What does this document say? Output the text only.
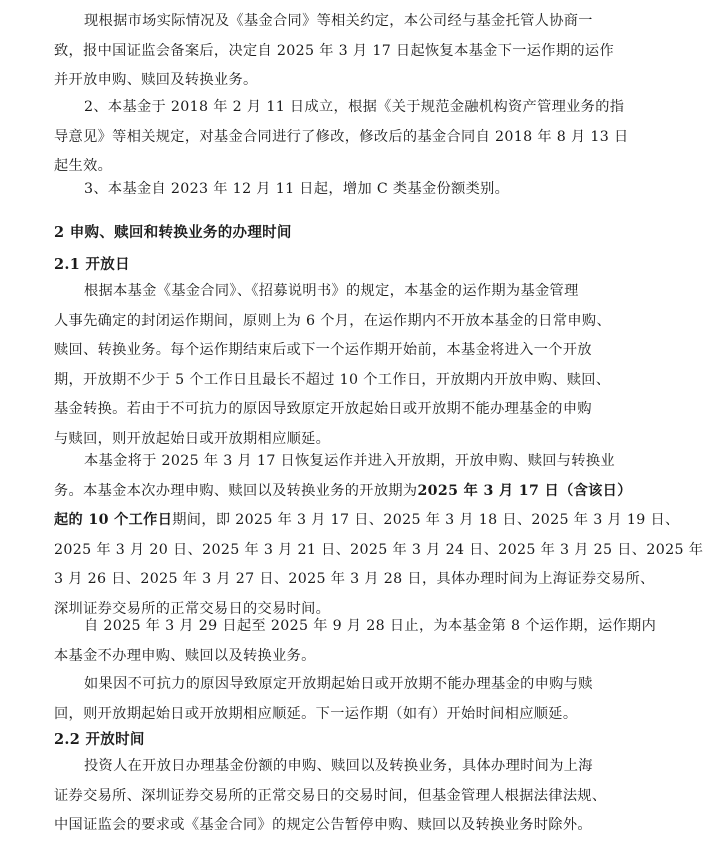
现根据市场实际情况及《基金合同》等相关约定，本公司经与基金托管人协商一
致，报中国证监会备案后，决定自 2025 年 3 月 17 日起恢复本基金下一运作期的运作
并开放申购、赎回及转换业务。

2、本基金于 2018 年 2 月 11 日成立，根据《关于规范金融机构资产管理业务的指
导意见》等相关规定，对基金合同进行了修改，修改后的基金合同自 2018 年 8 月 13 日
起生效。

3、本基金自 2023 年 12 月 11 日起，增加 C 类基金份额类别。

2 申购、赎回和转换业务的办理时间
2.1 开放日

根据本基金《基金合同》、《招募说明书》的规定，本基金的运作期为基金管理
人事先确定的封闭运作期间，原则上为 6 个月，在运作期内不开放本基金的日常申购、
赎回、转换业务。每个运作期结束后或下一个运作期开始前，本基金将进入一个开放
期，开放期不少于 5 个工作日且最长不超过 10 个工作日，开放期内开放申购、赎回、
基金转换。若由于不可抗力的原因导致原定开放起始日或开放期不能办理基金的申购
与赎回，则开放起始日或开放期相应顺延。

本基金将于 2025 年 3 月 17 日恢复运作并进入开放期，开放申购、赎回与转换业
务。本基金本次办理申购、赎回以及转换业务的开放期为2025 年 3 月 17 日（含该日）
起的 10 个工作日期间，即 2025 年 3 月 17 日、2025 年 3 月 18 日、2025 年 3 月 19 日、
2025 年 3 月 20 日、2025 年 3 月 21 日、2025 年 3 月 24 日、2025 年 3 月 25 日、2025 年
3 月 26 日、2025 年 3 月 27 日、2025 年 3 月 28 日，具体办理时间为上海证券交易所、
深圳证券交易所的正常交易日的交易时间。

自 2025 年 3 月 29 日起至 2025 年 9 月 28 日止，为本基金第 8 个运作期，运作期内
本基金不办理申购、赎回以及转换业务。

如果因不可抗力的原因导致原定开放期起始日或开放期不能办理基金的申购与赎
回，则开放期起始日或开放期相应顺延。下一运作期（如有）开始时间相应顺延。

2.2 开放时间

投资人在开放日办理基金份额的申购、赎回以及转换业务，具体办理时间为上海
证券交易所、深圳证券交易所的正常交易日的交易时间，但基金管理人根据法律法规、
中国证监会的要求或《基金合同》的规定公告暂停申购、赎回以及转换业务时除外。
